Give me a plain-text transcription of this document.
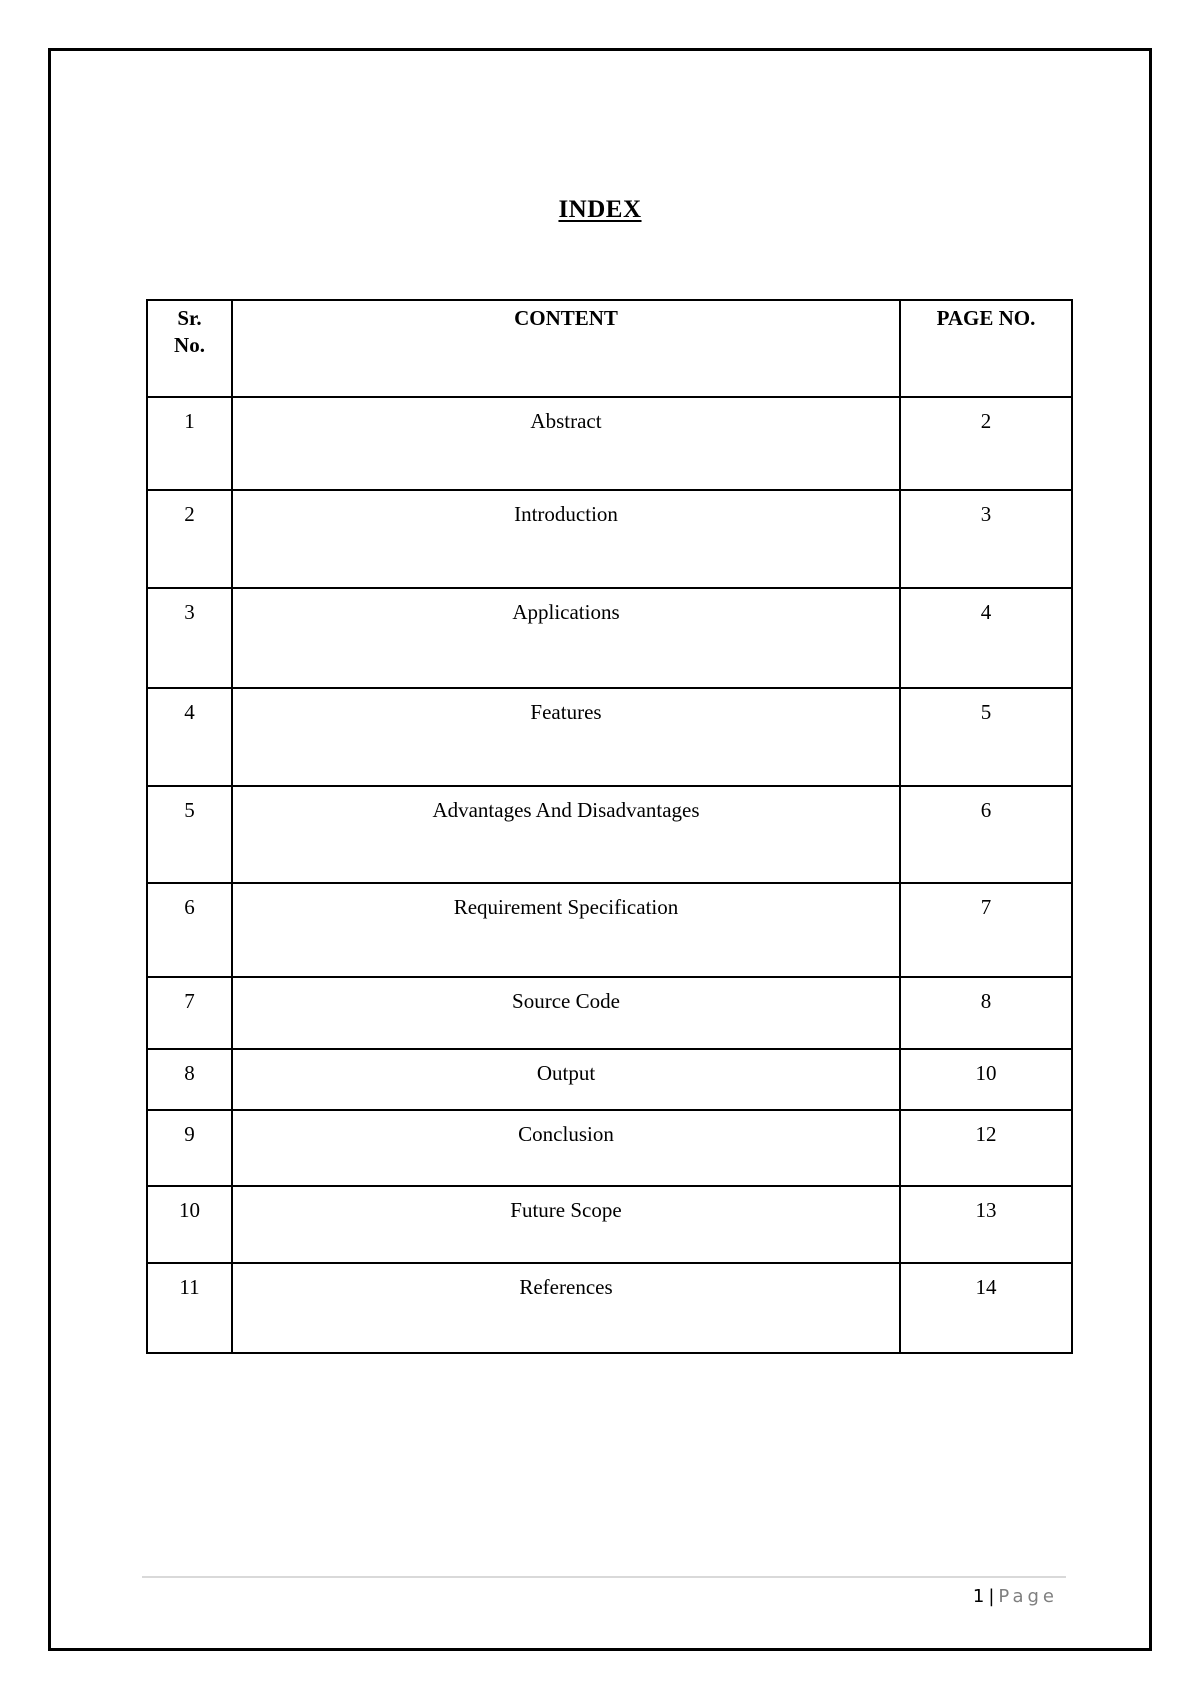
INDEX
Sr. No.	CONTENT	PAGE NO.
1	Abstract	2
2	Introduction	3
3	Applications	4
4	Features	5
5	Advantages And Disadvantages	6
6	Requirement Specification	7
7	Source Code	8
8	Output	10
9	Conclusion	12
10	Future Scope	13
11	References	14
1 | Page
